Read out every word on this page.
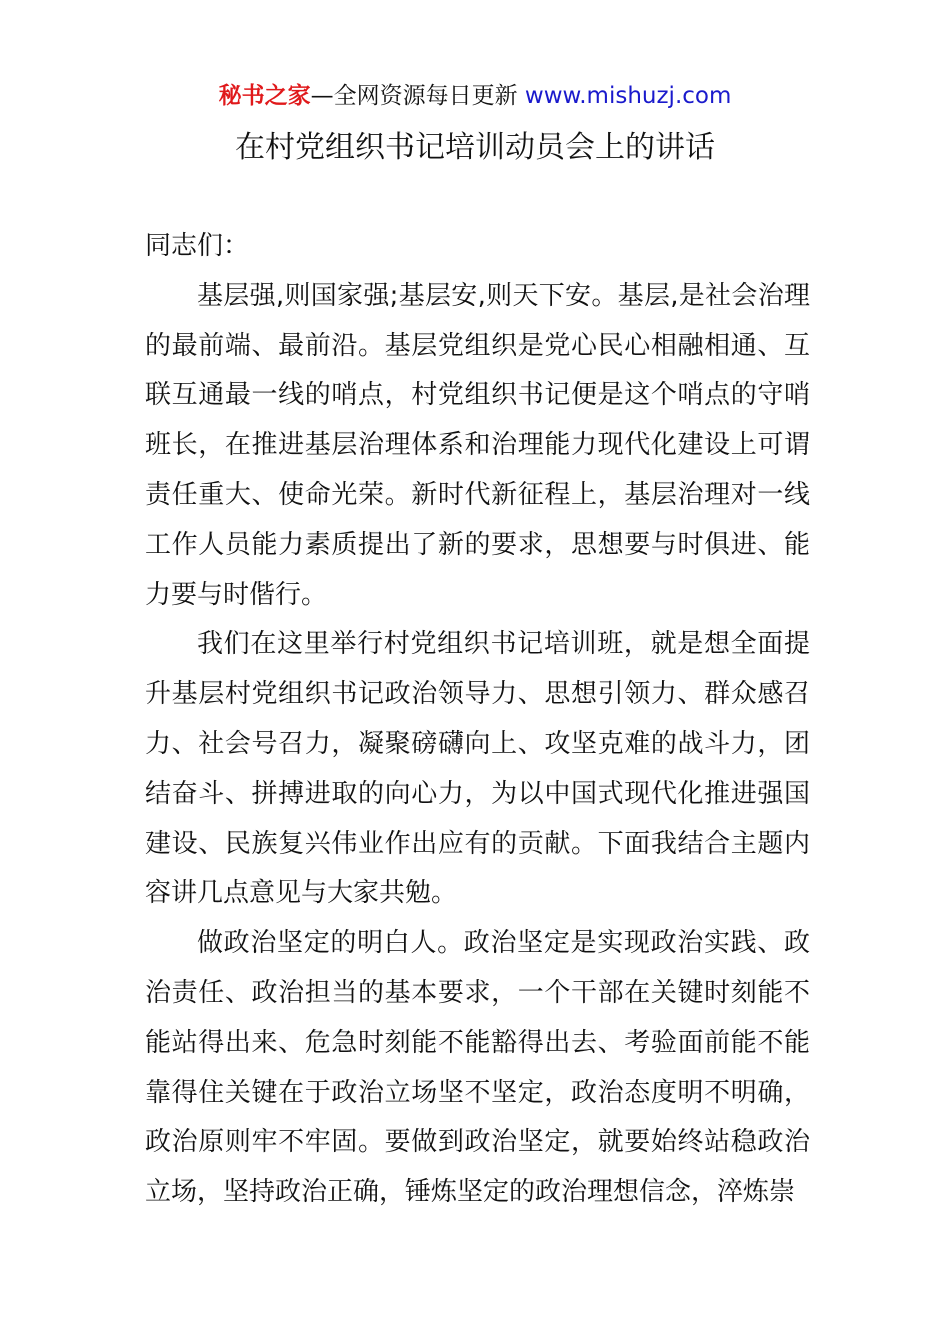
秘书之家—全网资源每日更新 www.mishuzj.com
在村党组织书记培训动员会上的讲话

同志们：

基层强,则国家强;基层安,则天下安。基层,是社会治理的最前端、最前沿。基层党组织是党心民心相融相通、互联互通最一线的哨点，村党组织书记便是这个哨点的守哨班长，在推进基层治理体系和治理能力现代化建设上可谓责任重大、使命光荣。新时代新征程上，基层治理对一线工作人员能力素质提出了新的要求，思想要与时俱进、能力要与时偕行。

我们在这里举行村党组织书记培训班，就是想全面提升基层村党组织书记政治领导力、思想引领力、群众感召力、社会号召力，凝聚磅礴向上、攻坚克难的战斗力，团结奋斗、拼搏进取的向心力，为以中国式现代化推进强国建设、民族复兴伟业作出应有的贡献。下面我结合主题内容讲几点意见与大家共勉。

做政治坚定的明白人。政治坚定是实现政治实践、政治责任、政治担当的基本要求，一个干部在关键时刻能不能站得出来、危急时刻能不能豁得出去、考验面前能不能靠得住关键在于政治立场坚不坚定，政治态度明不明确，政治原则牢不牢固。要做到政治坚定，就要始终站稳政治立场，坚持政治正确，锤炼坚定的政治理想信念，淬炼崇
